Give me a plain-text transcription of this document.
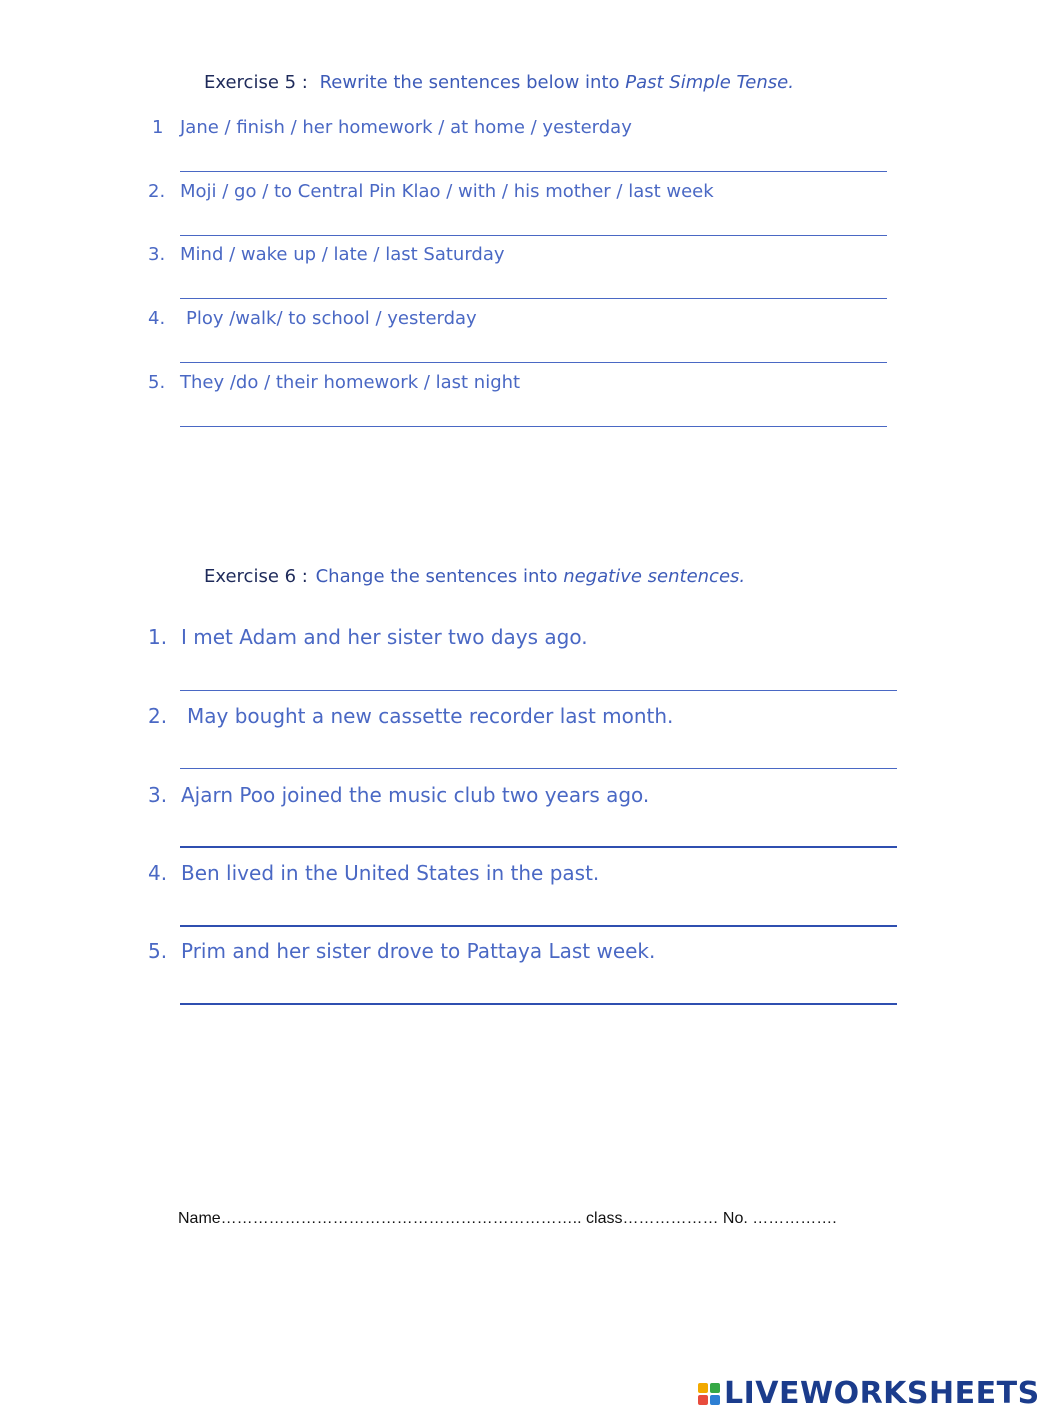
Exercise 5 : Rewrite the sentences below into Past Simple Tense.
1 Jane / finish / her homework / at home / yesterday
2. Moji / go / to Central Pin Klao / with / his mother / last week
3. Mind / wake up / late / last Saturday
4. Ploy /walk/ to school / yesterday
5. They /do / their homework / last night
Exercise 6 : Change the sentences into negative sentences.
1. I met Adam and her sister two days ago.
2. May bought a new cassette recorder last month.
3. Ajarn Poo joined the music club two years ago.
4. Ben lived in the United States in the past.
5. Prim and her sister drove to Pattaya Last week.
Name………………………………………………………….. class……………… No. …………….
LIVEWORKSHEETS
